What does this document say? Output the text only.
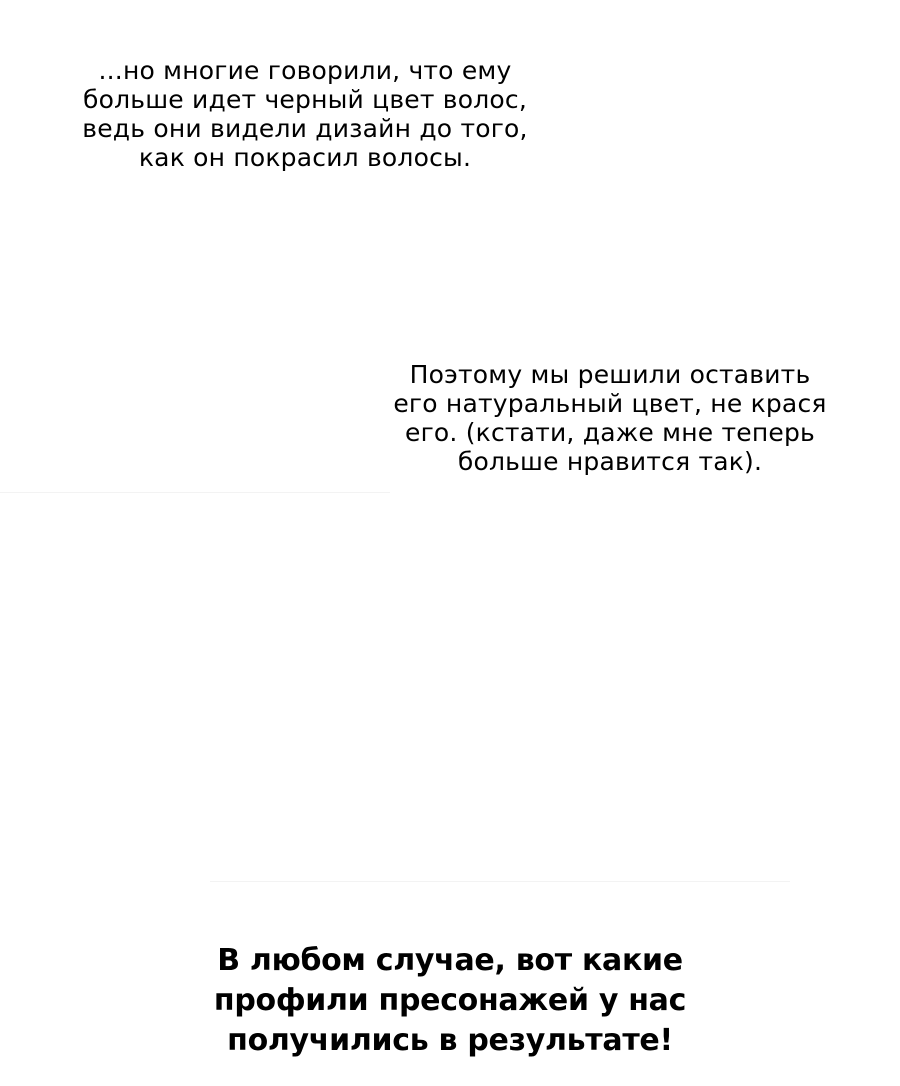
...но многие говорили, что ему
больше идет черный цвет волос,
ведь они видели дизайн до того,
как он покрасил волосы.
Поэтому мы решили оставить
его натуральный цвет, не крася
его. (кстати, даже мне теперь
больше нравится так).
В любом случае, вот какие
профили пресонажей у нас
получились в результате!
